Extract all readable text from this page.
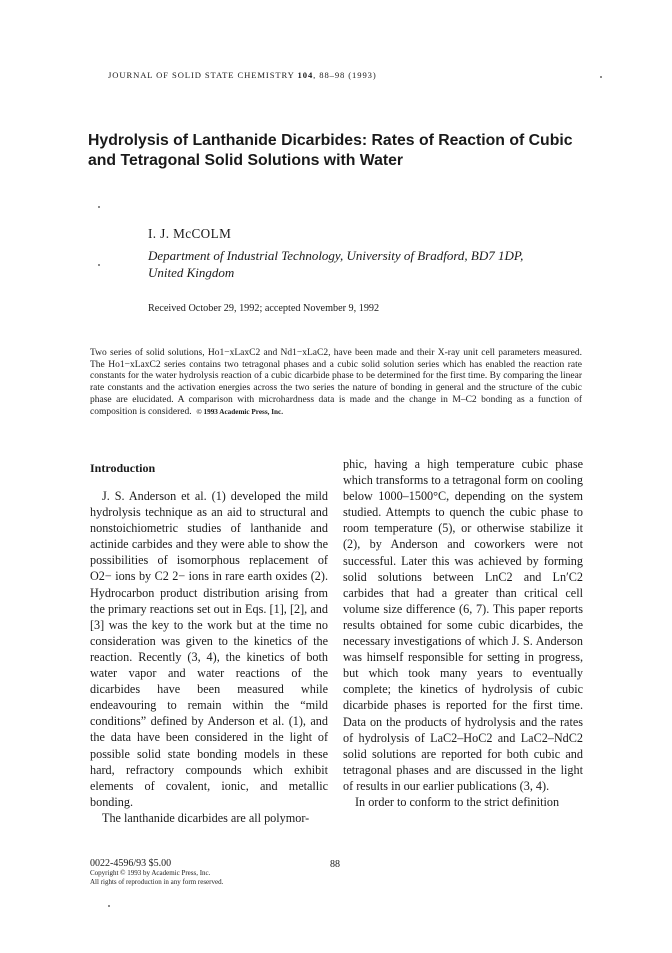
JOURNAL OF SOLID STATE CHEMISTRY 104, 88–98 (1993)
Hydrolysis of Lanthanide Dicarbides: Rates of Reaction of Cubic
and Tetragonal Solid Solutions with Water
I. J. McCOLM
Department of Industrial Technology, University of Bradford, BD7 1DP,
United Kingdom
Received October 29, 1992; accepted November 9, 1992
Two series of solid solutions, Ho1−xLaxC2 and Nd1−xLaC2, have been made and their X-ray unit cell parameters measured. The Ho1−xLaxC2 series contains two tetragonal phases and a cubic solid solution series which has enabled the reaction rate constants for the water hydrolysis reaction of a cubic dicarbide phase to be determined for the first time. By comparing the linear rate constants and the activation energies across the two series the nature of bonding in general and the structure of the cubic phase are elucidated. A comparison with microhardness data is made and the change in M–C2 bonding as a function of composition is considered. © 1993 Academic Press, Inc.
Introduction

J. S. Anderson et al. (1) developed the mild hydrolysis technique as an aid to structural and nonstoichiometric studies of lanthanide and actinide carbides and they were able to show the possibilities of isomorphous replacement of O2− ions by C2 2− ions in rare earth oxides (2). Hydrocarbon product distribution arising from the primary reactions set out in Eqs. [1], [2], and [3] was the key to the work but at the time no consideration was given to the kinetics of the reaction. Recently (3, 4), the kinetics of both water vapor and water reactions of the dicarbides have been measured while endeavouring to remain within the “mild conditions” defined by Anderson et al. (1), and the data have been considered in the light of possible solid state bonding models in these hard, refractory compounds which exhibit elements of covalent, ionic, and metallic bonding.

The lanthanide dicarbides are all polymor-

phic, having a high temperature cubic phase which transforms to a tetragonal form on cooling below 1000–1500°C, depending on the system studied. Attempts to quench the cubic phase to room temperature (5), or otherwise stabilize it (2), by Anderson and coworkers were not successful. Later this was achieved by forming solid solutions between LnC2 and Ln′C2 carbides that had a greater than critical cell volume size difference (6, 7). This paper reports results obtained for some cubic dicarbides, the necessary investigations of which J. S. Anderson was himself responsible for setting in progress, but which took many years to eventually complete; the kinetics of hydrolysis of cubic dicarbide phases is reported for the first time. Data on the products of hydrolysis and the rates of hydrolysis of LaC2–HoC2 and LaC2–NdC2 solid solutions are reported for both cubic and tetragonal phases and are discussed in the light of results in our earlier publications (3, 4).

In order to conform to the strict definition

0022-4596/93 $5.00
Copyright © 1993 by Academic Press, Inc.
All rights of reproduction in any form reserved.
88
